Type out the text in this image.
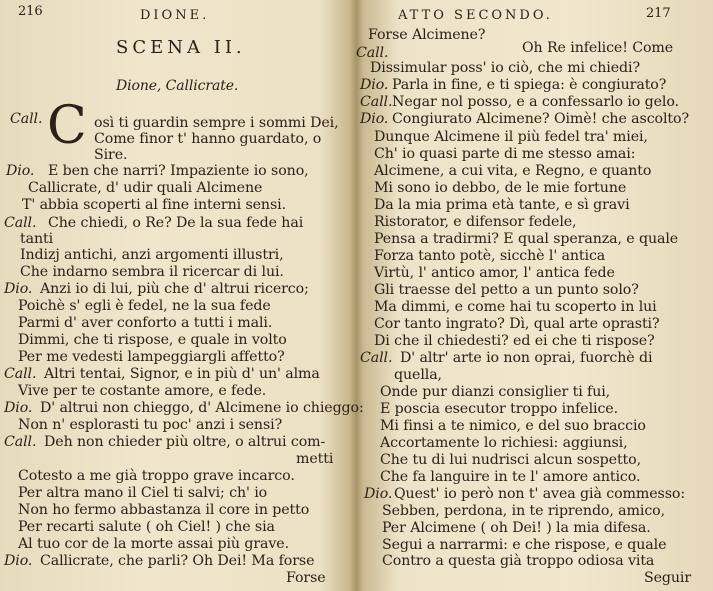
216	DIONE.
SCENA II.
Dione, Callicrate.
C
Call.	osì ti guardin sempre i sommi Dei,
Come finor t' hanno guardato, o
Sire.
Dio. E ben che narri? Impaziente io sono,
Callicrate, d' udir quali Alcimene
T' abbia scoperti al fine interni sensi.
Call. Che chiedi, o Re? De la sua fede hai
tanti
Indizj antichi, anzi argomenti illustri,
Che indarno sembra il ricercar di lui.
Dio. Anzi io di lui, più che d' altrui ricerco;
Poichè s' egli è fedel, ne la sua fede
Parmi d' aver conforto a tutti i mali.
Dimmi, che ti rispose, e quale in volto
Per me vedesti lampeggiargli affetto?
Call. Altri tentai, Signor, e in più d' un' alma
Vive per te costante amore, e fede.
Dio. D' altrui non chieggo, d' Alcimene io chieggo:
Non n' esplorasti tu poc' anzi i sensi?
Call. Deh non chieder più oltre, o altrui com-
metti
Cotesto a me già troppo grave incarco.
Per altra mano il Ciel ti salvi; ch' io
Non ho fermo abbastanza il core in petto
Per recarti salute ( oh Ciel! ) che sia
Al tuo cor de la morte assai più grave.
Dio. Callicrate, che parli? Oh Dei! Ma forse
Forse
ATTO SECONDO.	217
Forse Alcimene?
Call.	Oh Re infelice! Come
Dissimular poss' io ciò, che mi chiedi?
Dio. Parla in fine, e ti spiega: è congiurato?
Call. Negar nol posso, e a confessarlo io gelo.
Dio. Congiurato Alcimene? Oimè! che ascolto?
Dunque Alcimene il più fedel tra' miei,
Ch' io quasi parte di me stesso amai:
Alcimene, a cui vita, e Regno, e quanto
Mi sono io debbo, de le mie fortune
Da la mia prima età tante, e sì gravi
Ristorator, e difensor fedele,
Pensa a tradirmi? E qual speranza, e quale
Forza tanto potè, sicchè l' antica
Virtù, l' antico amor, l' antica fede
Gli traesse del petto a un punto solo?
Ma dimmi, e come hai tu scoperto in lui
Cor tanto ingrato? Dì, qual arte oprasti?
Di che il chiedesti? ed ei che ti rispose?
Call. D' altr' arte io non oprai, fuorchè di
quella,
Onde pur dianzi consiglier ti fui,
E poscia esecutor troppo infelice.
Mi finsi a te nimico, e del suo braccio
Accortamente lo richiesi: aggiunsi,
Che tu di lui nudrisci alcun sospetto,
Che fa languire in te l' amore antico.
Dio. Quest' io però non t' avea già commesso:
Sebben, perdona, in te riprendo, amico,
Per Alcimene ( oh Dei! ) la mia difesa.
Segui a narrarmi: e che rispose, e quale
Contro a questa già troppo odiosa vita
Seguir
